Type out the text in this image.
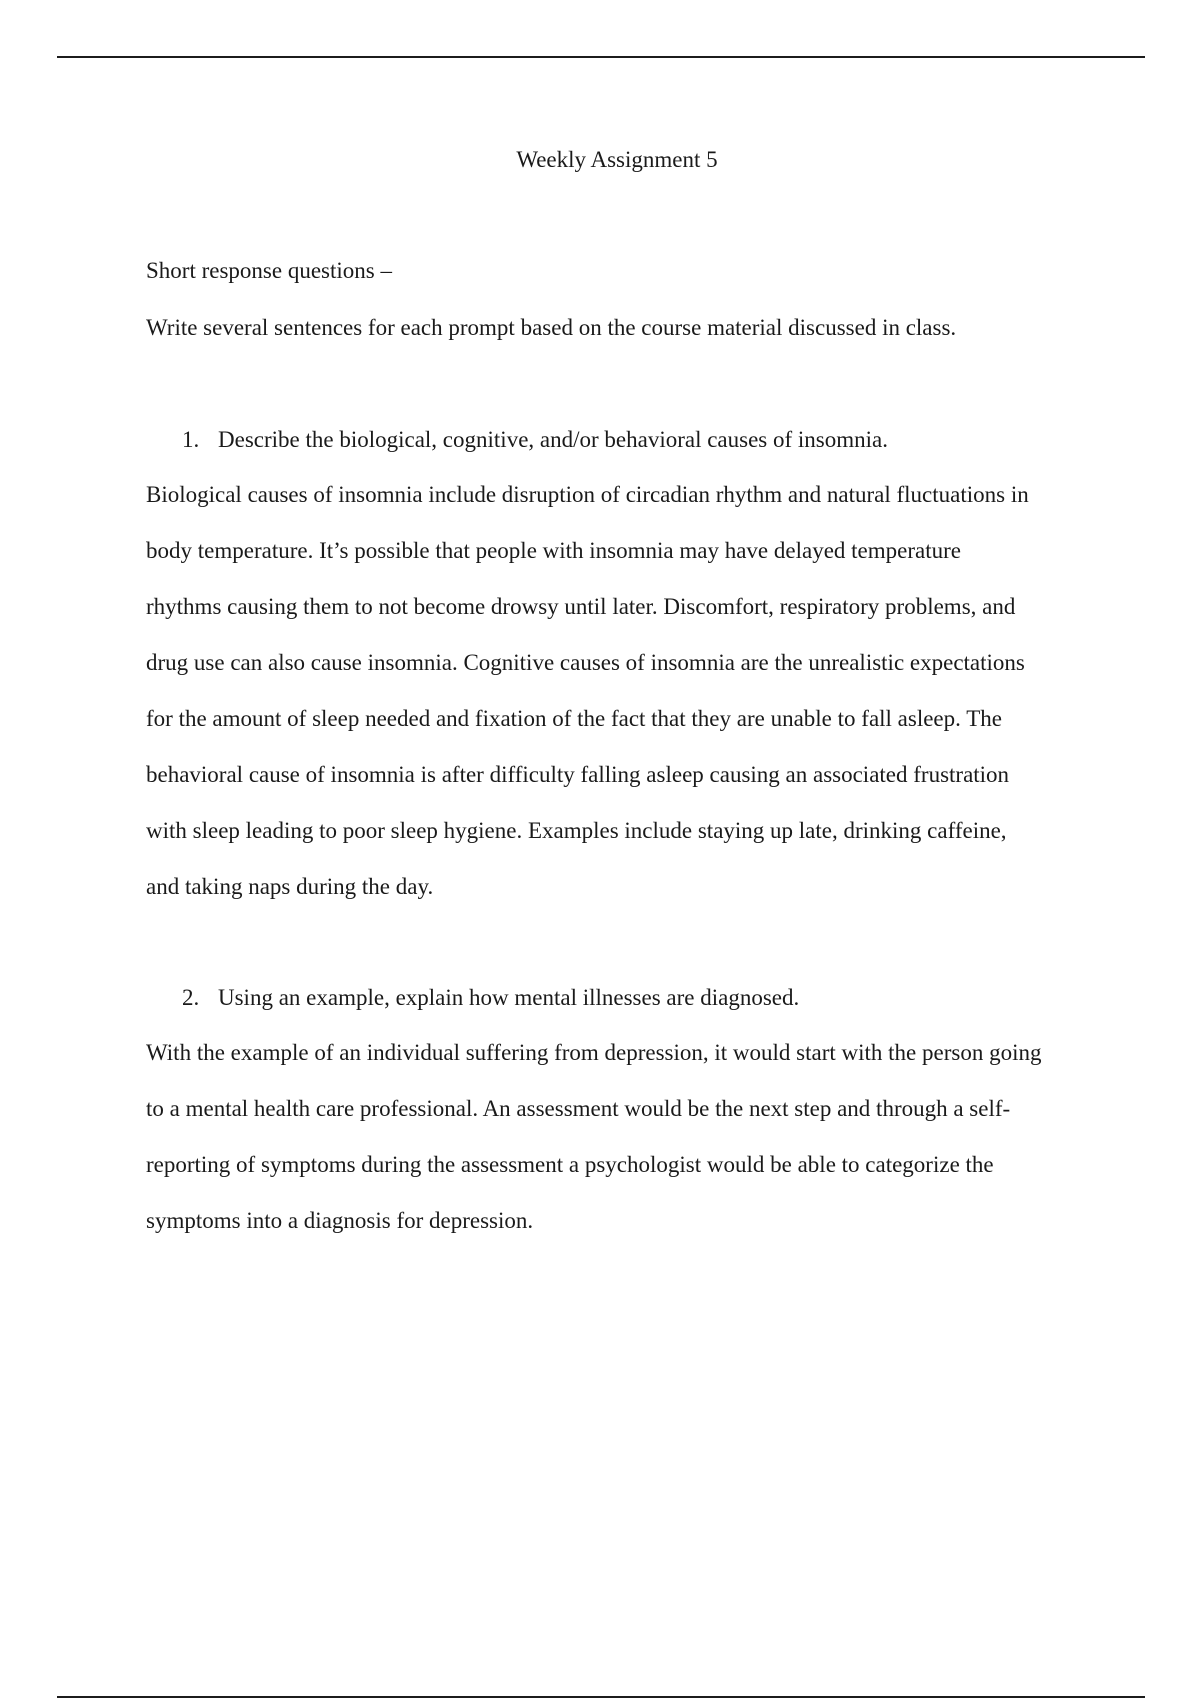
Weekly Assignment 5
Short response questions –
Write several sentences for each prompt based on the course material discussed in class.
1. Describe the biological, cognitive, and/or behavioral causes of insomnia.
Biological causes of insomnia include disruption of circadian rhythm and natural fluctuations in
body temperature. It’s possible that people with insomnia may have delayed temperature
rhythms causing them to not become drowsy until later. Discomfort, respiratory problems, and
drug use can also cause insomnia. Cognitive causes of insomnia are the unrealistic expectations
for the amount of sleep needed and fixation of the fact that they are unable to fall asleep. The
behavioral cause of insomnia is after difficulty falling asleep causing an associated frustration
with sleep leading to poor sleep hygiene. Examples include staying up late, drinking caffeine,
and taking naps during the day.
2. Using an example, explain how mental illnesses are diagnosed.
With the example of an individual suffering from depression, it would start with the person going
to a mental health care professional. An assessment would be the next step and through a self-
reporting of symptoms during the assessment a psychologist would be able to categorize the
symptoms into a diagnosis for depression.
